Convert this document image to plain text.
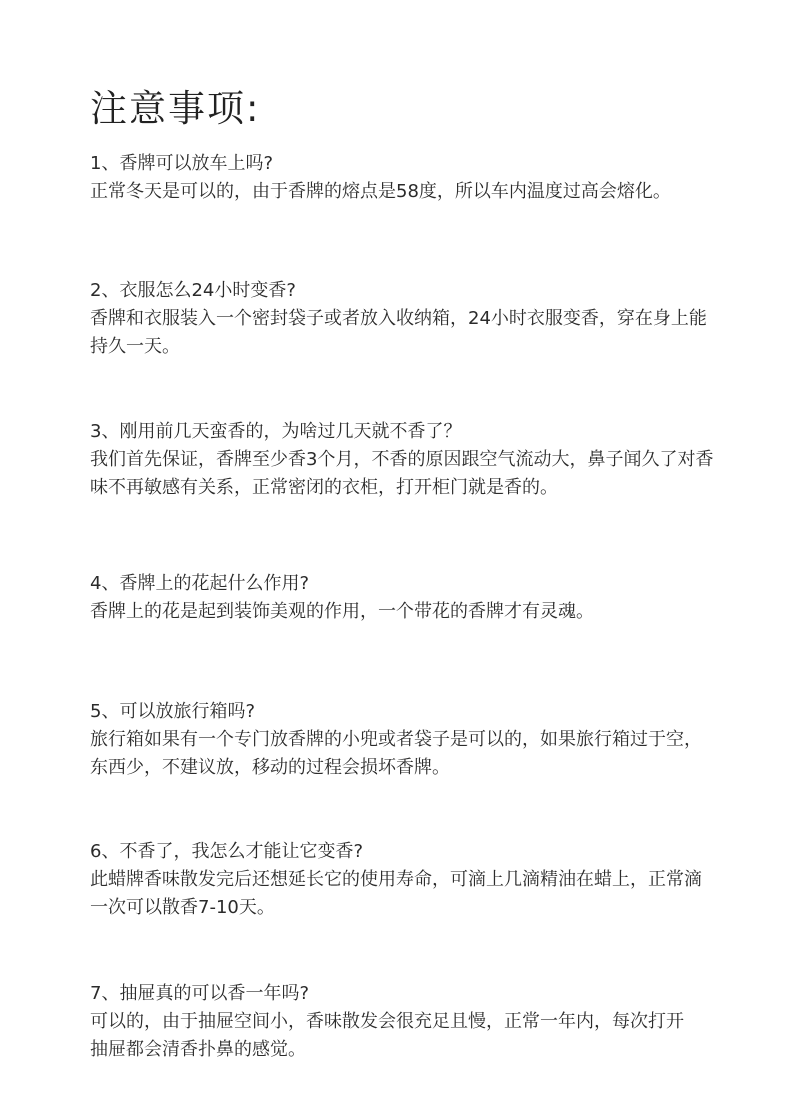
注意事项:

1、香牌可以放车上吗?

正常冬天是可以的，由于香牌的熔点是58度，所以车内温度过高会熔化。

2、衣服怎么24小时变香?

香牌和衣服装入一个密封袋子或者放入收纳箱，24小时衣服变香，穿在身上能持久一天。

3、刚用前几天蛮香的，为啥过几天就不香了？

我们首先保证，香牌至少香3个月，不香的原因跟空气流动大，鼻子闻久了对香味不再敏感有关系，正常密闭的衣柜，打开柜门就是香的。

4、香牌上的花起什么作用?

香牌上的花是起到装饰美观的作用，一个带花的香牌才有灵魂。

5、可以放旅行箱吗?

旅行箱如果有一个专门放香牌的小兜或者袋子是可以的，如果旅行箱过于空，东西少，不建议放，移动的过程会损坏香牌。

6、不香了，我怎么才能让它变香?

此蜡牌香味散发完后还想延长它的使用寿命，可滴上几滴精油在蜡上，正常滴一次可以散香7-10天。

7、抽屉真的可以香一年吗?

可以的，由于抽屉空间小，香味散发会很充足且慢，正常一年内，每次打开抽屉都会清香扑鼻的感觉。
